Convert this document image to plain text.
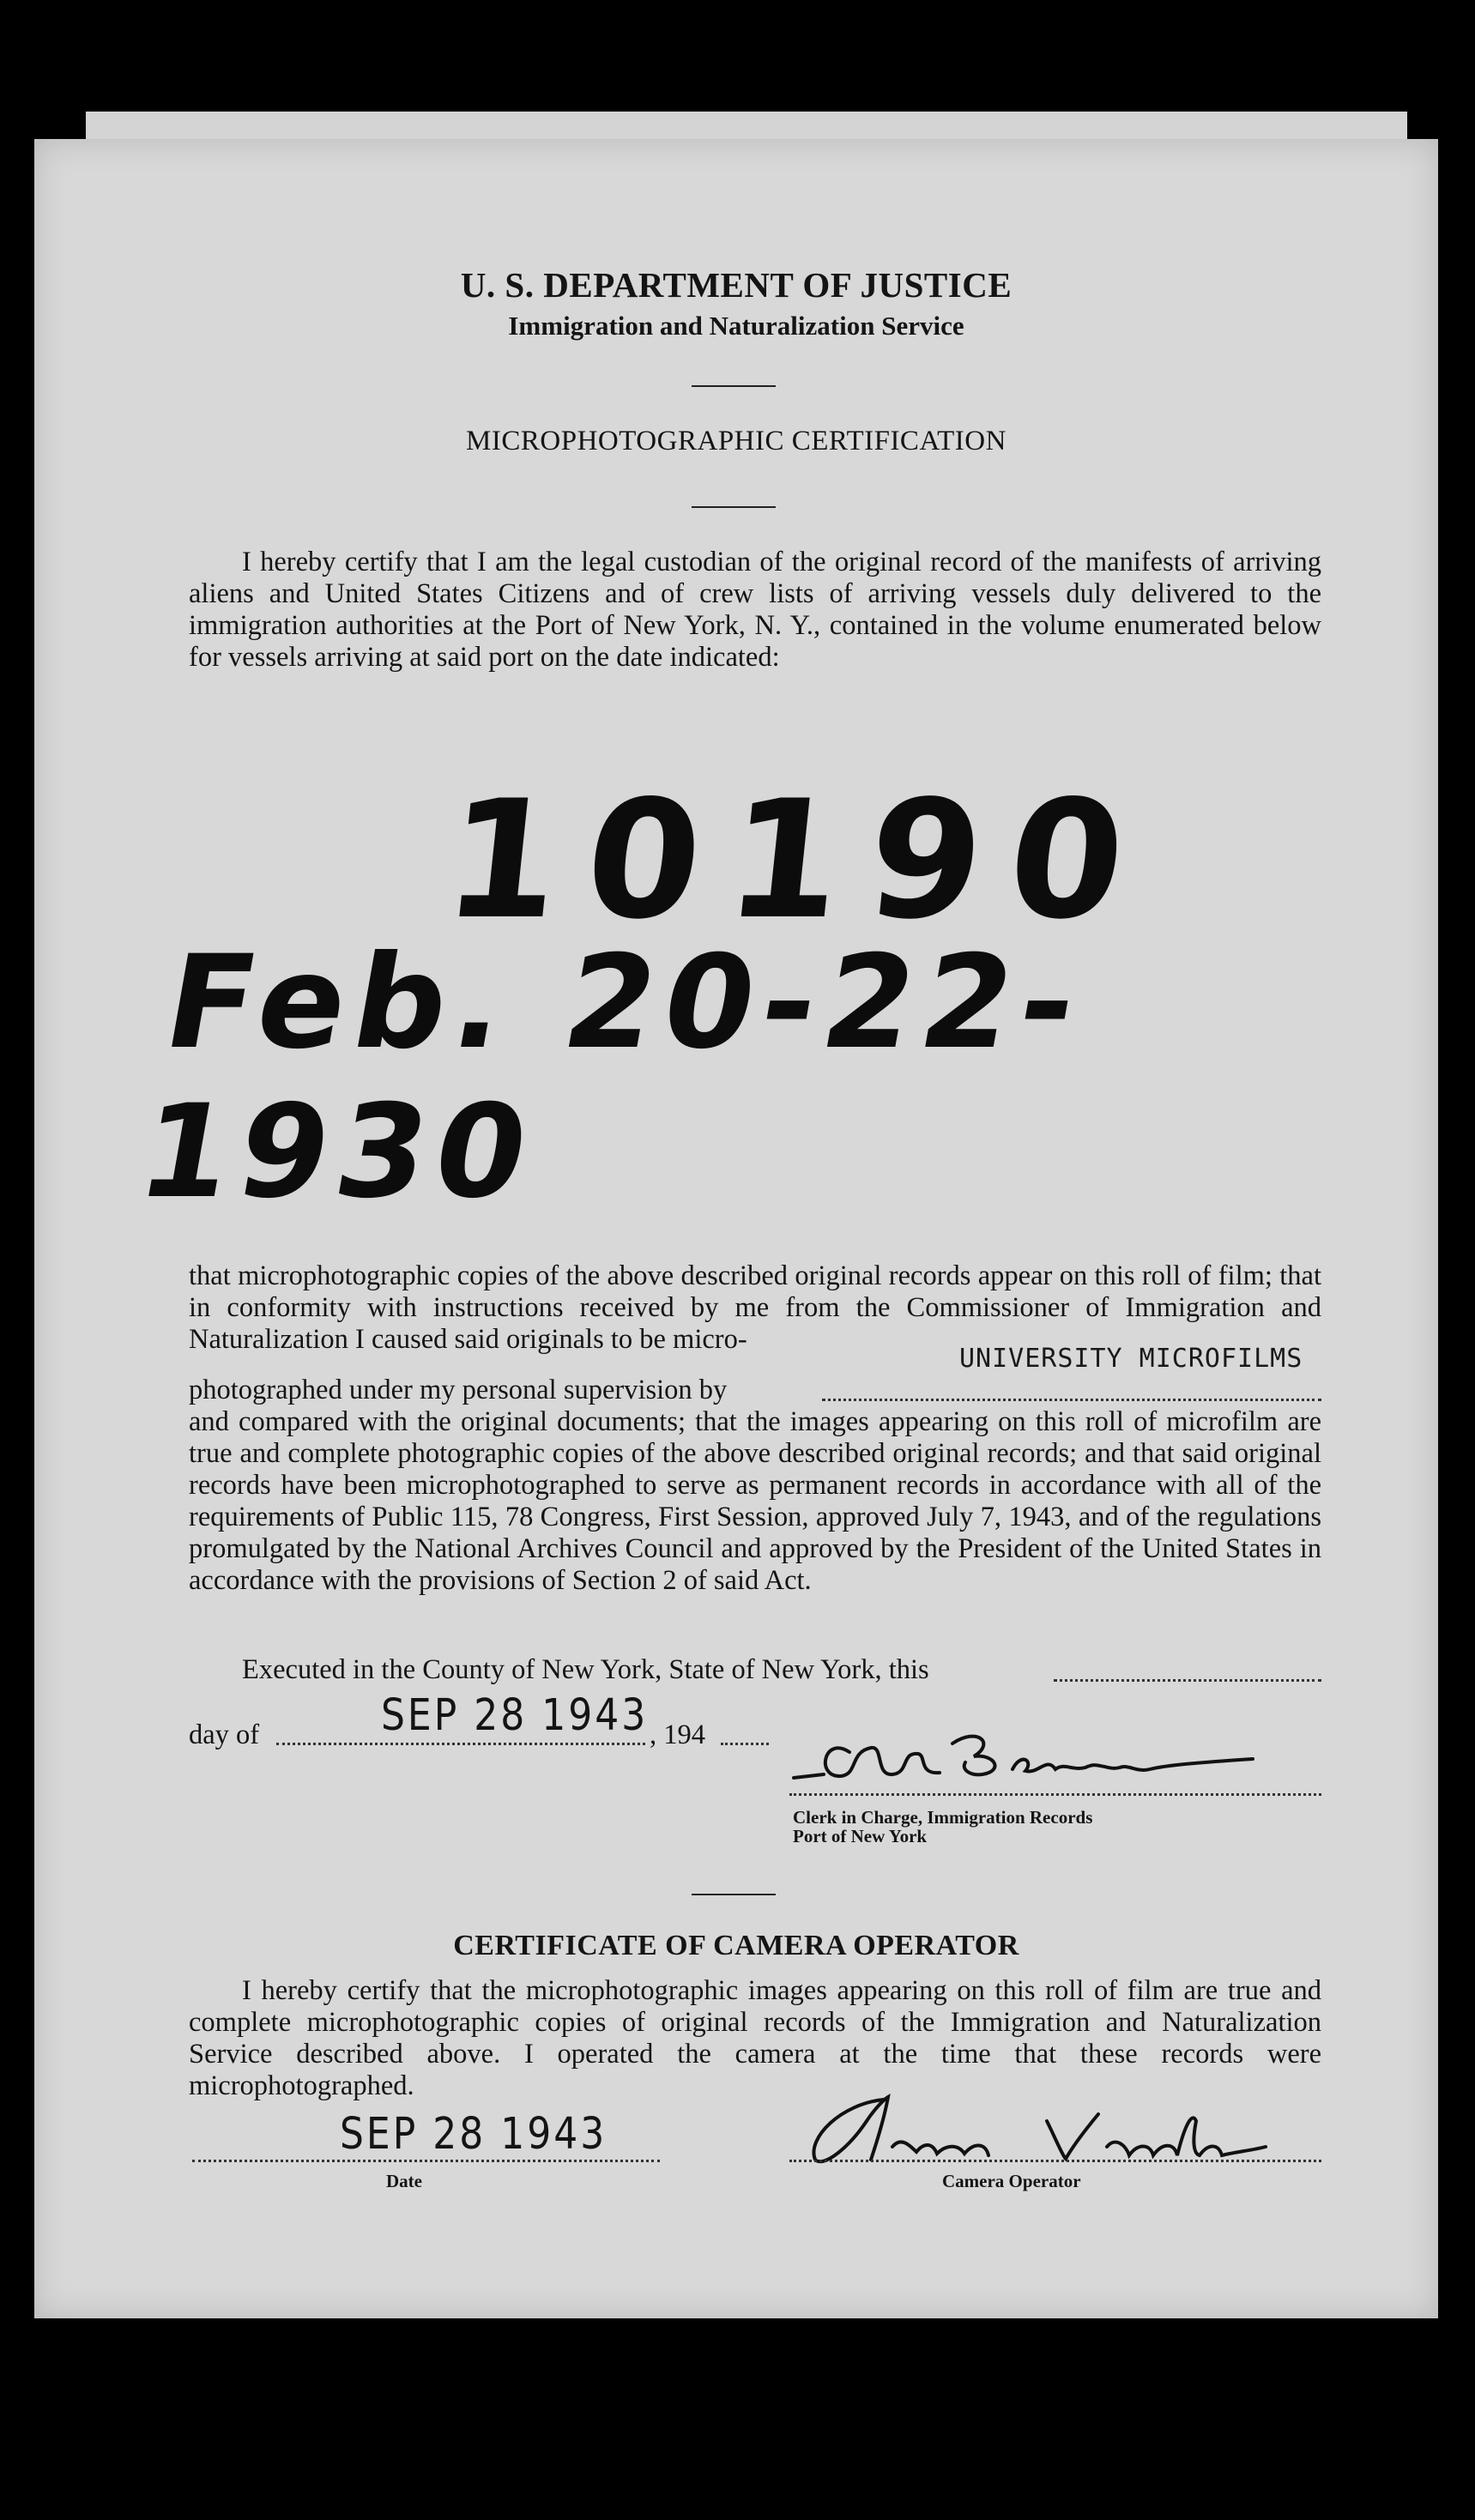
U. S. DEPARTMENT OF JUSTICE
Immigration and Naturalization Service
MICROPHOTOGRAPHIC CERTIFICATION
I hereby certify that I am the legal custodian of the original record of the manifests of arriving aliens and United States Citizens and of crew lists of arriving vessels duly delivered to the immigration authorities at the Port of New York, N. Y., contained in the volume enumerated below for vessels arriving at said port on the date indicated:
10190
Feb. 20-22-1930
that microphotographic copies of the above described original records appear on this roll of film; that in conformity with instructions received by me from the Commissioner of Immigration and Naturalization I caused said originals to be micro-
photographed under my personal supervision by
UNIVERSITY MICROFILMS
and compared with the original documents; that the images appearing on this roll of microfilm are true and complete photographic copies of the above described original records; and that said original records have been microphotographed to serve as permanent records in accordance with all of the requirements of Public 115, 78 Congress, First Session, approved July 7, 1943, and of the regulations promulgated by the National Archives Council and approved by the President of the United States in accordance with the provisions of Section 2 of said Act.
Executed in the County of New York, State of New York, this
day of	SEP 28 1943 , 194
Clerk in Charge, Immigration Records
Port of New York
CERTIFICATE OF CAMERA OPERATOR
I hereby certify that the microphotographic images appearing on this roll of film are true and complete microphotographic copies of original records of the Immigration and Naturalization Service described above. I operated the camera at the time that these records were microphotographed.
SEP 28 1943
Date	Camera Operator
